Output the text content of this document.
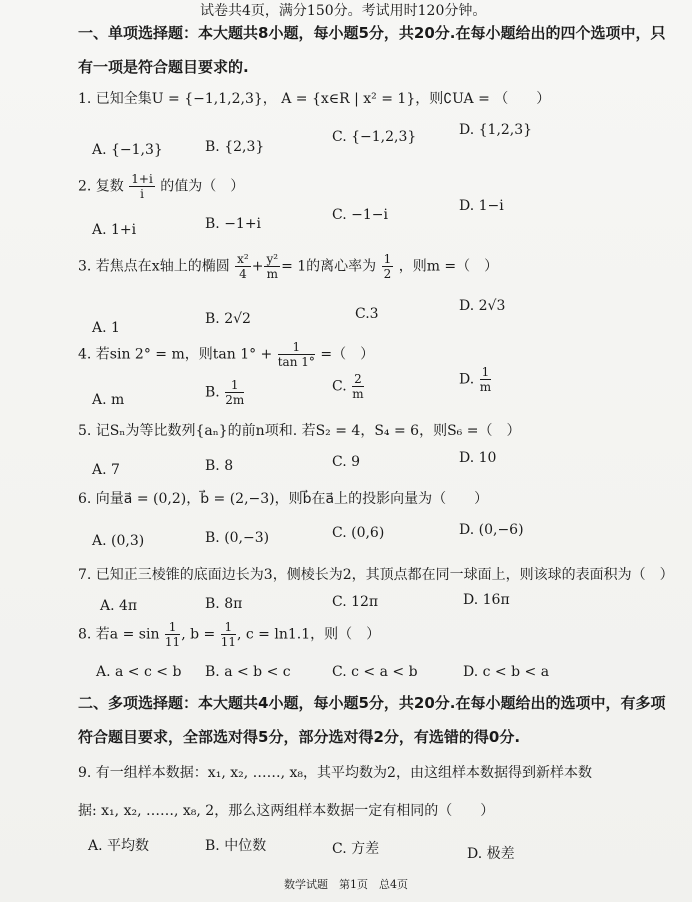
试卷共4页，满分150分。考试用时120分钟。
一、单项选择题：本大题共8小题，每小题5分，共20分.在每小题给出的四个选项中，只有一项是符合题目要求的.
1. 已知全集U = {−1,1,2,3}， A = {x∈R | x² = 1}，则∁UA = （　　）
A. {−1,3}	B. {2,3}
C. {−1,2,3}	D. {1,2,3}
2. 复数 $\frac{1+i}{i}$ 的值为（　）
A. 1+i	B. −1+i
C. −1−i
D. 1−i
3. 若焦点在x轴上的椭圆 $\frac{\text{x²}}{4} + \frac{\text{y²}}{m} = 1$的离心率为 $\frac{1}{2}$ ，则m =（　）
A. 1
B. 2√2	C.3	D. 2√3
4. 若sin 2° = m，则$\tan 1^\circ + \frac{1}{\tan 1^\circ}$ =（　）
A. m	B. $\frac{1}{2m}$	C. $\frac{2}{m}$	D. $\frac{1}{m}$
5. 记Sₙ为等比数列{aₙ}的前n项和. 若S₂ = 4，S₄ = 6，则S₆ =（　）
A. 7	B. 8	C. 9	D. 10
6. 向量a⃗ = (0,2)，b⃗ = (2,−3)，则b⃗在a⃗上的投影向量为（　　）
A. (0,3)	B. (0,−3)	C. (0,6)	D. (0,−6)
7. 已知正三棱锥的底面边长为3，侧棱长为2，其顶点都在同一球面上，则该球的表面积为（　）
A. 4π	B. 8π	C. 12π	D. 16π
8. 若$a = \sin \frac{1}{11}$ , $b = \frac{1}{11}$ , c = ln1.1，则（　）
A. a < c < b B. a < b < c	C. c < a < b	D. c < b < a
二、多项选择题：本大题共4小题，每小题5分，共20分.在每小题给出的选项中，有多项符合题目要求，全部选对得5分，部分选对得2分，有选错的得0分.
9. 有一组样本数据：x₁, x₂, ……, x₈，其平均数为2，由这组样本数据得到新样本数
据: x₁, x₂, ……, x₈, 2，那么这两组样本数据一定有相同的（　　）
A. 平均数	B. 中位数	C. 方差	D. 极差
数学试题　第1页　总4页
